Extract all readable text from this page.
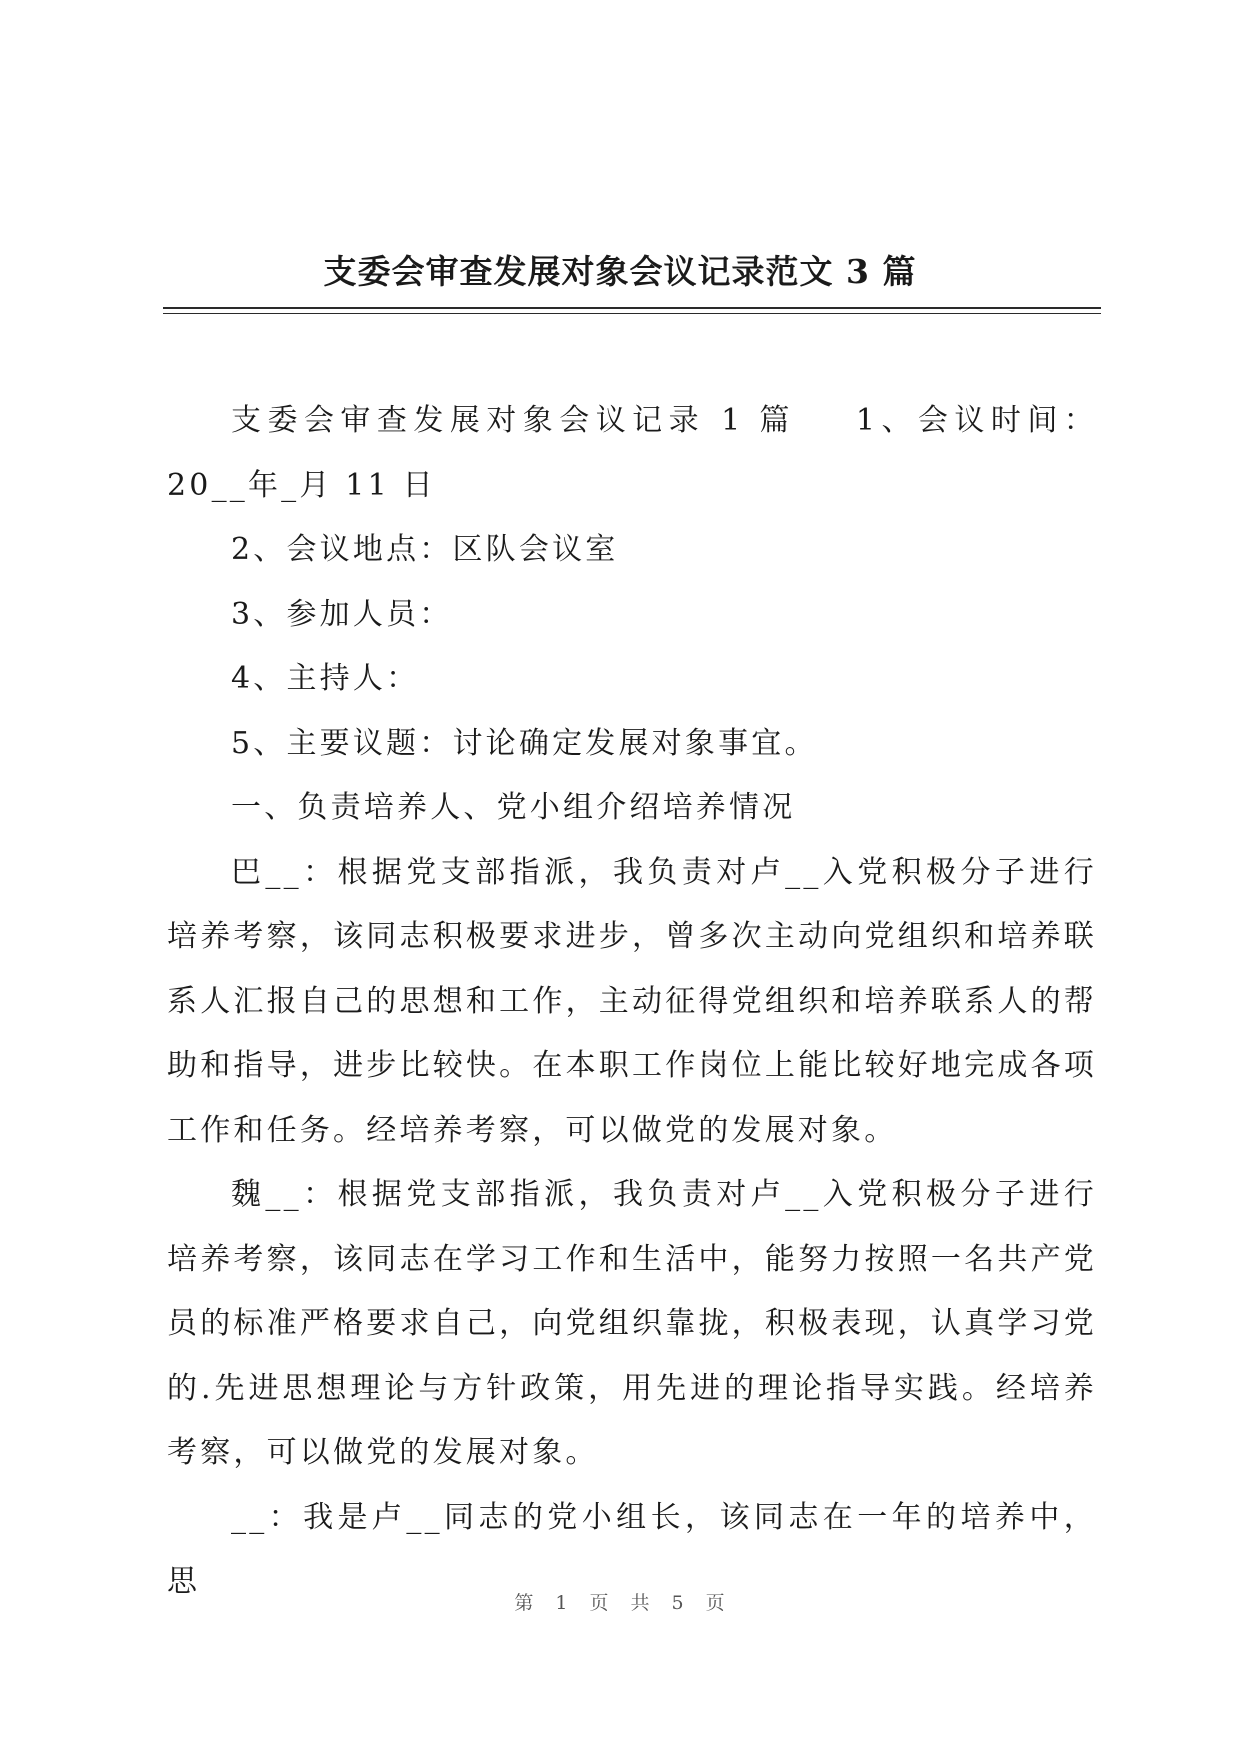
支委会审查发展对象会议记录范文 3 篇

支委会审查发展对象会议记录 1 篇 1、会议时间：20__年_月 11 日

2、会议地点：区队会议室

3、参加人员：

4、主持人：

5、主要议题：讨论确定发展对象事宜。

一、负责培养人、党小组介绍培养情况

巴__：根据党支部指派，我负责对卢__入党积极分子进行培养考察，该同志积极要求进步，曾多次主动向党组织和培养联系人汇报自己的思想和工作，主动征得党组织和培养联系人的帮助和指导，进步比较快。在本职工作岗位上能比较好地完成各项工作和任务。经培养考察，可以做党的发展对象。

魏__：根据党支部指派，我负责对卢__入党积极分子进行培养考察，该同志在学习工作和生活中，能努力按照一名共产党员的标准严格要求自己，向党组织靠拢，积极表现，认真学习党的.先进思想理论与方针政策，用先进的理论指导实践。经培养考察，可以做党的发展对象。

__：我是卢__同志的党小组长，该同志在一年的培养中，思

第 1 页 共 5 页
